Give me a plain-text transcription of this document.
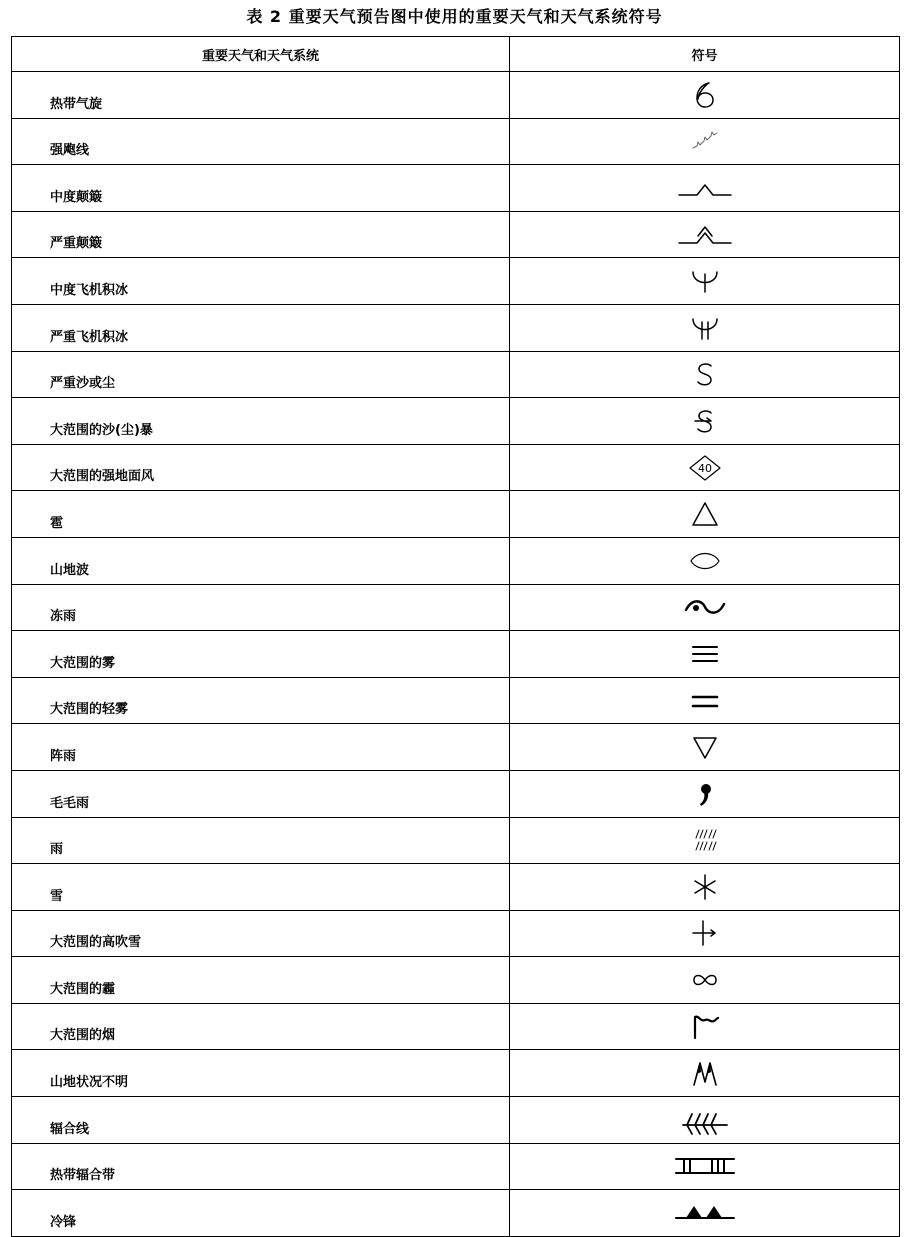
表 2 重要天气预告图中使用的重要天气和天气系统符号
重要天气和天气系统	符号
热带气旋	

强飑线	

中度颠簸	

严重颠簸	

中度飞机积冰	

严重飞机积冰	

严重沙或尘	

大范围的沙(尘)暴	

大范围的强地面风	40

雹	

山地波	

冻雨	

大范围的雾	

大范围的轻雾	

阵雨	

毛毛雨	

雨	

雪	

大范围的高吹雪	

大范围的霾	

大范围的烟	

山地状况不明	

辐合线	

热带辐合带	

冷锋	
